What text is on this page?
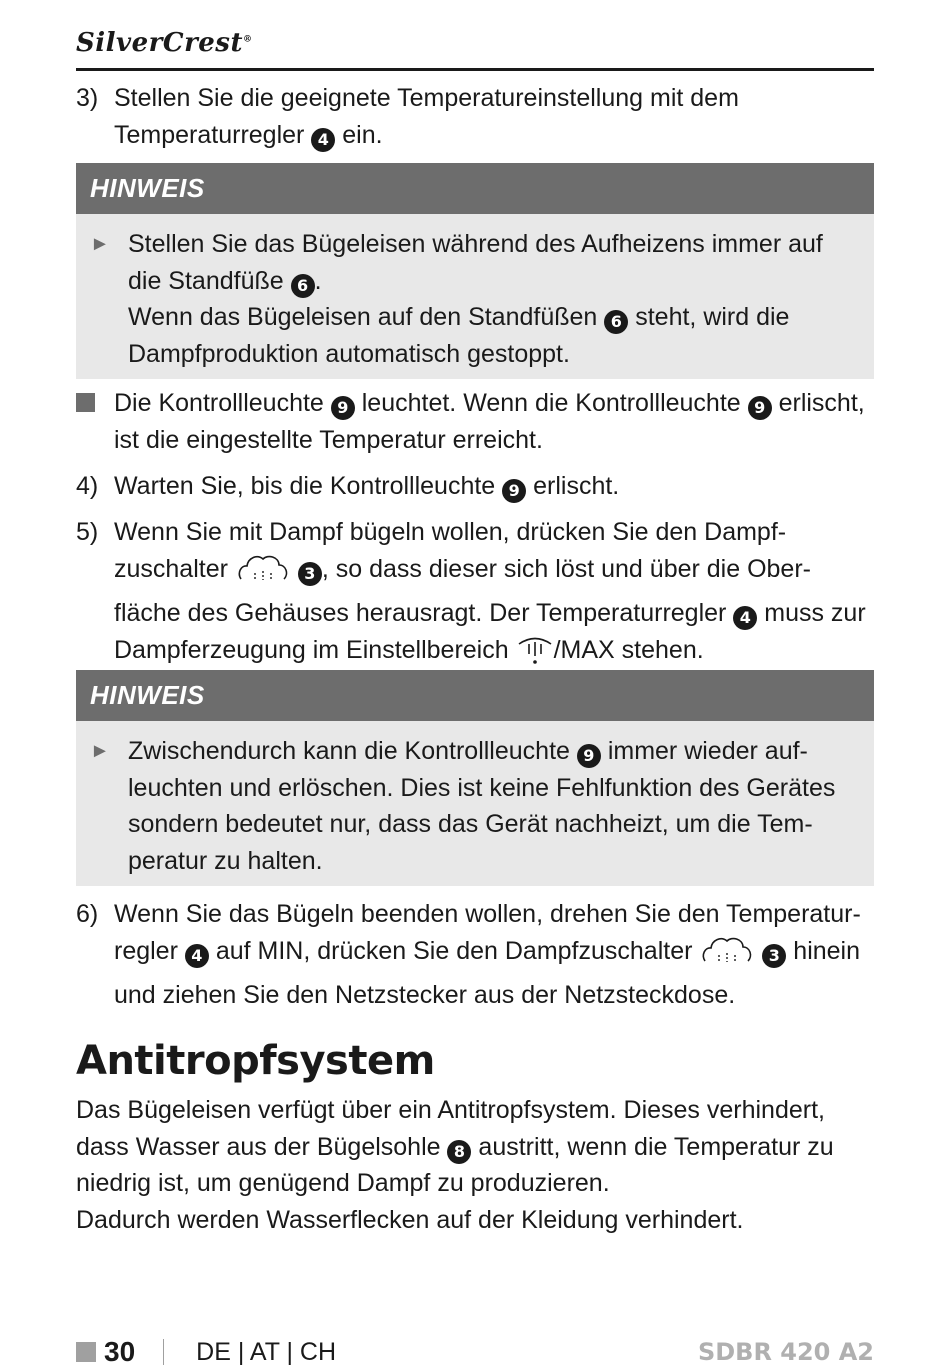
SilverCrest®
3) Stellen Sie die geeignete Temperatureinstellung mit dem Temperaturregler 4 ein.
HINWEIS
► Stellen Sie das Bügeleisen während des Aufheizens immer auf die Standfüße 6 .
Wenn das Bügeleisen auf den Standfüßen 6 steht, wird die Dampfproduktion automatisch gestoppt.
Die Kontrollleuchte 9 leuchtet. Wenn die Kontrollleuchte 9 erlischt, ist die eingestellte Temperatur erreicht.
4) Warten Sie, bis die Kontrollleuchte 9 erlischt.
5) Wenn Sie mit Dampf bügeln wollen, drücken Sie den Dampf-zuschalter	3 , so dass dieser sich löst und über die Ober-fläche des Gehäuses herausragt. Der Temperaturregler 4 muss zur Dampferzeugung im Einstellbereich /MAX stehen.
HINWEIS
► Zwischendurch kann die Kontrollleuchte 9 immer wieder auf-leuchten und erlöschen. Dies ist keine Fehlfunktion des Gerätes sondern bedeutet nur, dass das Gerät nachheizt, um die Tem-peratur zu halten.
6) Wenn Sie das Bügeln beenden wollen, drehen Sie den Temperatur-regler 4 auf MIN, drücken Sie den Dampfzuschalter	3 hinein und ziehen Sie den Netzstecker aus der Netzsteckdose.
Antitropfsystem
Das Bügeleisen verfügt über ein Antitropfsystem. Dieses verhindert, dass Wasser aus der Bügelsohle 8 austritt, wenn die Temperatur zu niedrig ist, um genügend Dampf zu produzieren.
Dadurch werden Wasserflecken auf der Kleidung verhindert.
30 DE | AT | CH	SDBR 420 A2
